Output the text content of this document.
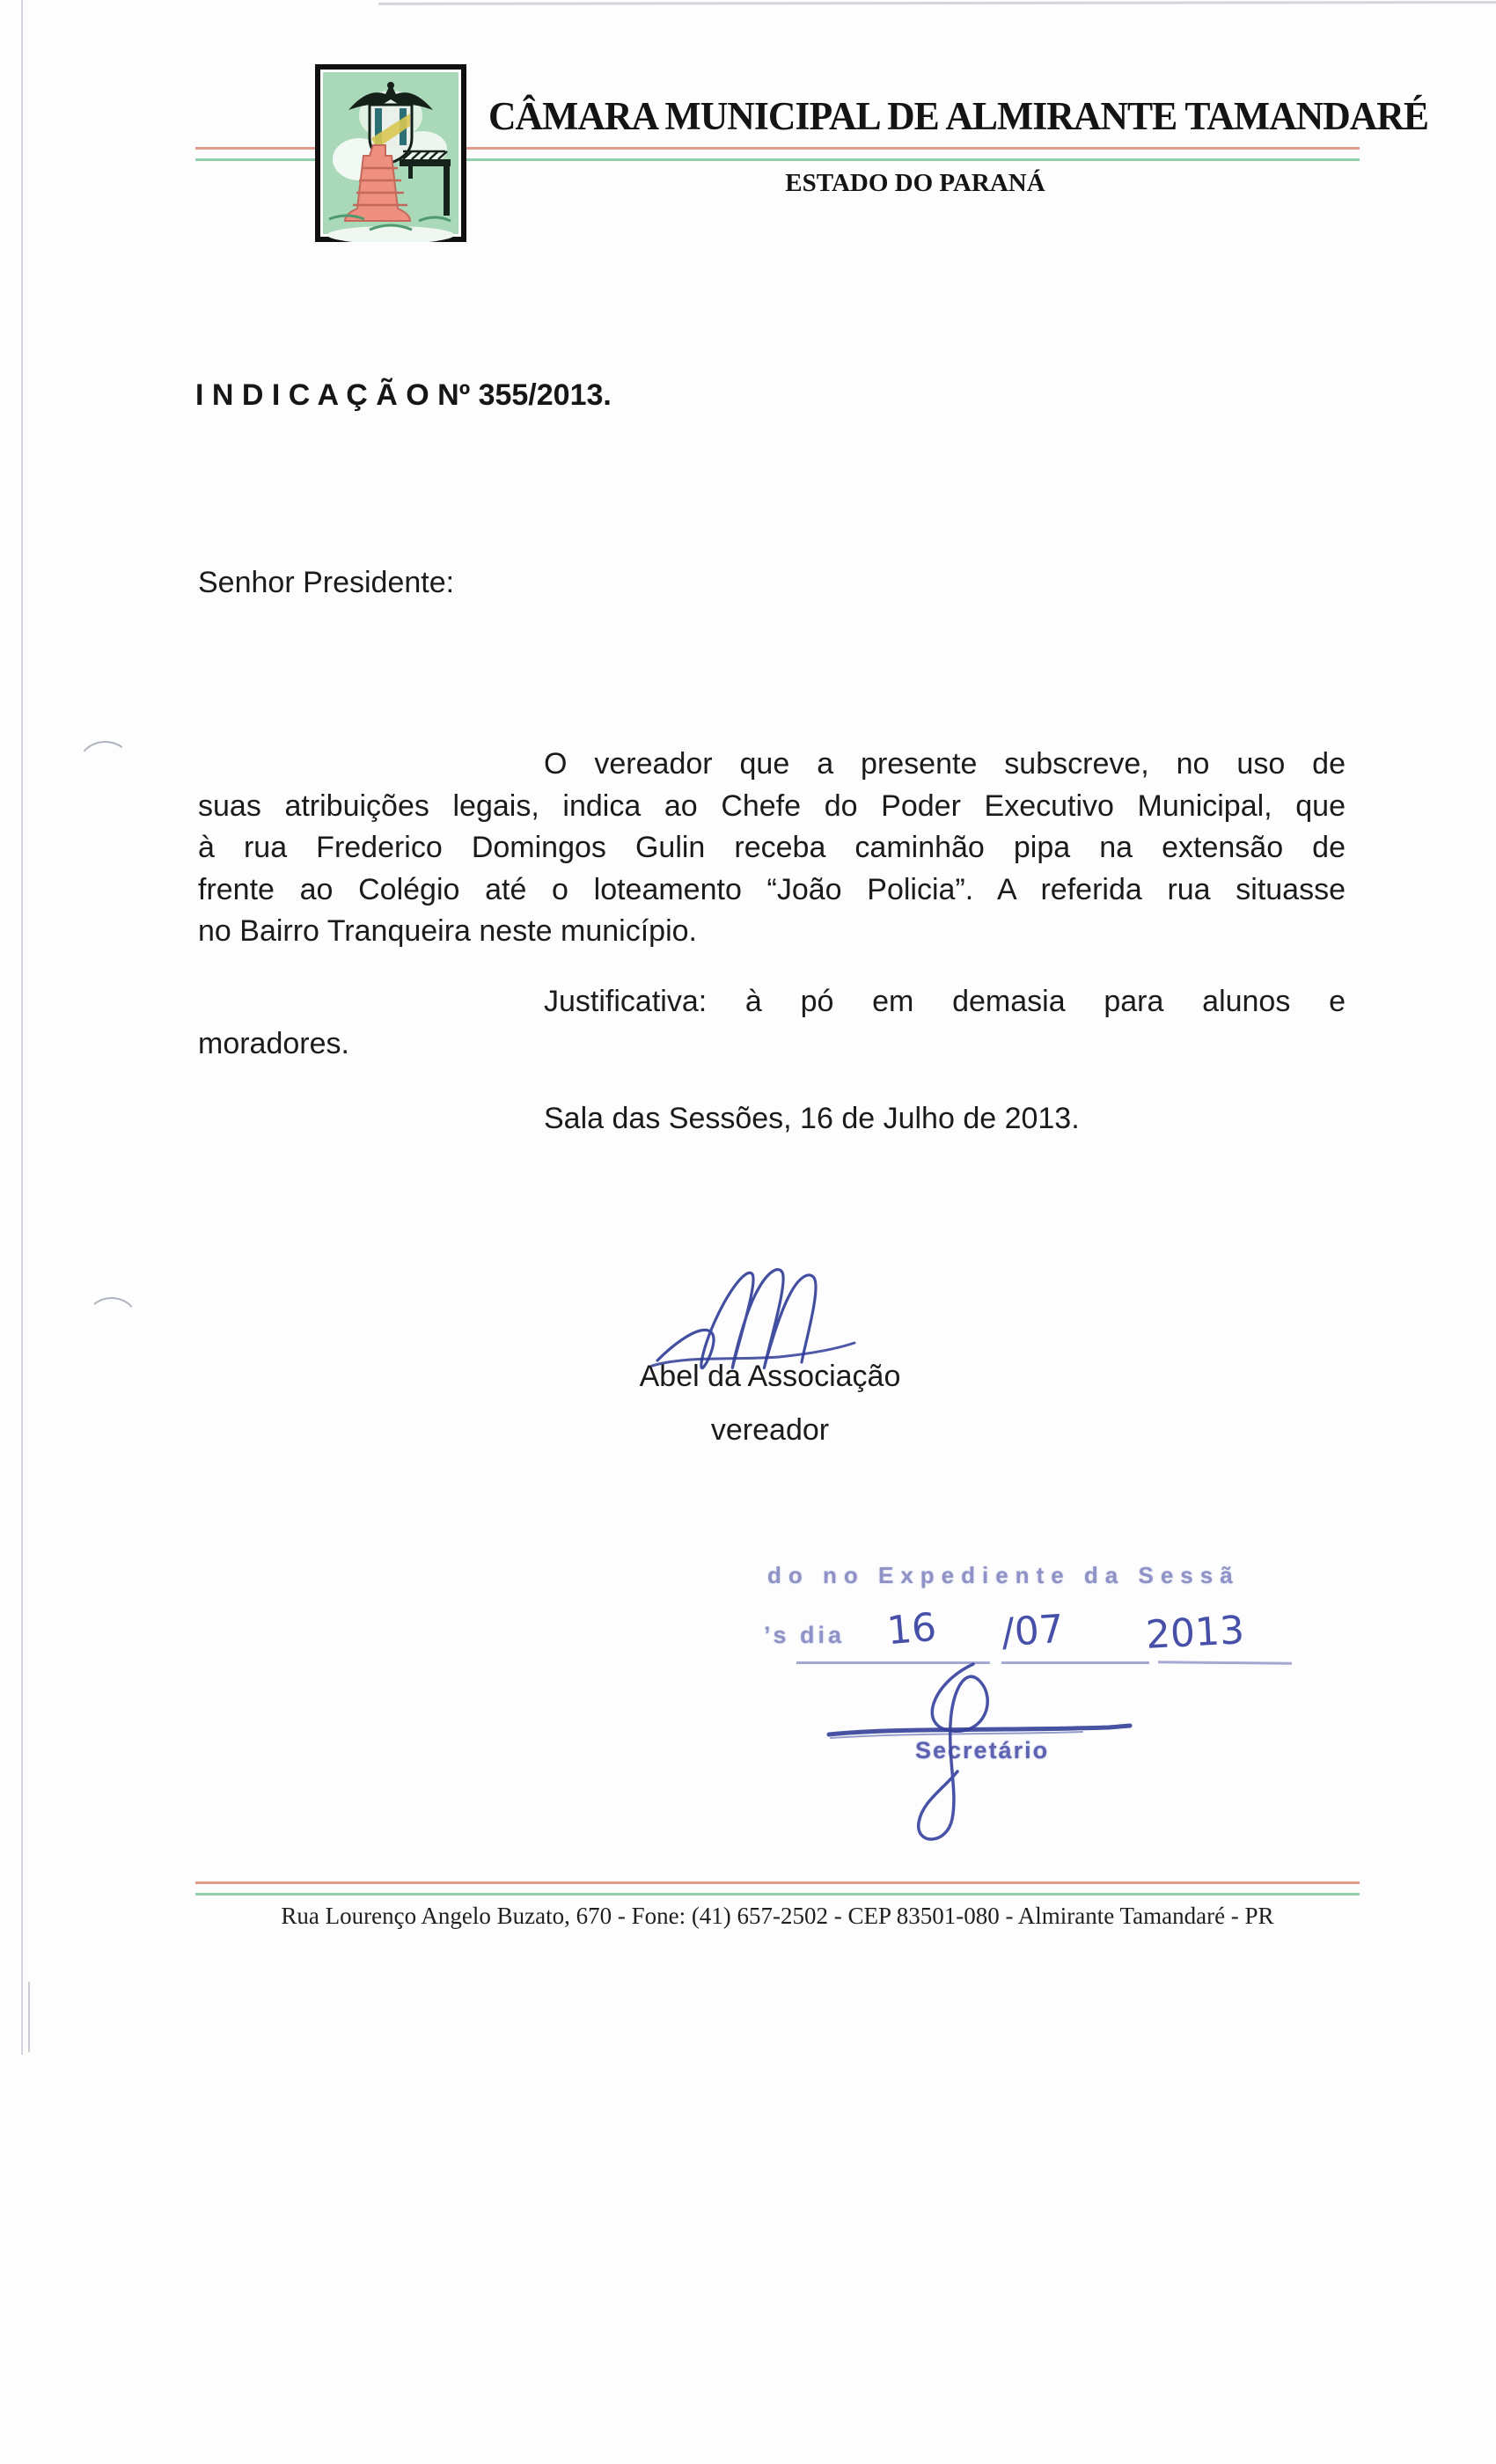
CÂMARA MUNICIPAL DE ALMIRANTE TAMANDARÉ
ESTADO DO PARANÁ
I N D I C A Ç Ã O Nº 355/2013.
Senhor Presidente:
O vereador que a presente subscreve, no uso de
suas atribuições legais, indica ao Chefe do Poder Executivo Municipal, que
à rua Frederico Domingos Gulin receba caminhão pipa na extensão de
frente ao Colégio até o loteamento “João Policia”. A referida rua situasse
no Bairro Tranqueira neste município.
Justificativa: à pó em demasia para alunos e
moradores.
Sala das Sessões, 16 de Julho de 2013.
Abel da Associação
vereador
do no Expediente da Sessã
’s dia 16 /07 2013
Secretário
Rua Lourenço Angelo Buzato, 670 - Fone: (41) 657-2502 - CEP 83501-080 - Almirante Tamandaré - PR
